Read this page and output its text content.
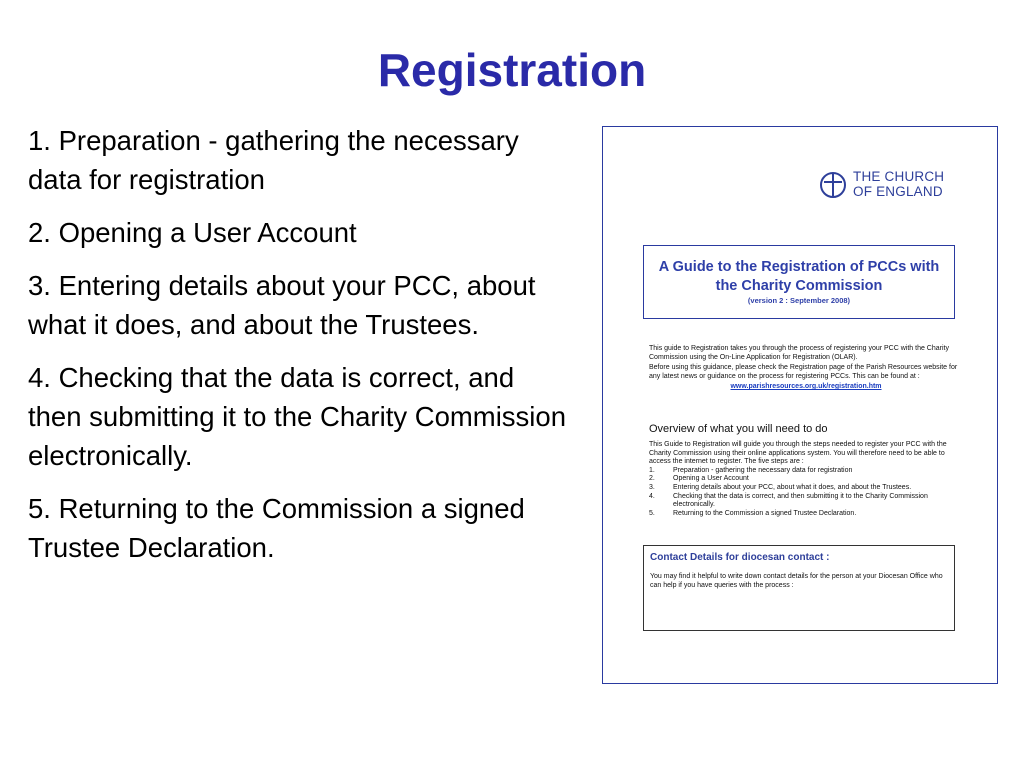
Registration

1. Preparation - gathering the necessary data for registration

2. Opening a User Account

3. Entering details about your PCC, about what it does, and about the Trustees.

4. Checking that the data is correct, and then submitting it to the Charity Commission electronically.

5. Returning to the Commission a signed Trustee Declaration.

THE CHURCH
OF ENGLAND
A Guide to the Registration of PCCs with the Charity Commission
(version 2 : September 2008)

This guide to Registration takes you through the process of registering your PCC with the Charity Commission using the On-Line Application for Registration (OLAR).

Before using this guidance, please check the Registration page of the Parish Resources website for any latest news or guidance on the process for registering PCCs. This can be found at :

www.parishresources.org.uk/registration.htm
Overview of what you will need to do
This Guide to Registration will guide you through the steps needed to register your PCC with the Charity Commission using their online applications system. You will therefore need to be able to access the internet to register. The five steps are :
1.	Preparation - gathering the necessary data for registration
2.	Opening a User Account
3.	Entering details about your PCC, about what it does, and about the Trustees.
4.	Checking that the data is correct, and then submitting it to the Charity Commission electronically.
5.	Returning to the Commission a signed Trustee Declaration.
Contact Details for diocesan contact :
You may find it helpful to write down contact details for the person at your Diocesan Office who can help if you have queries with the process :
